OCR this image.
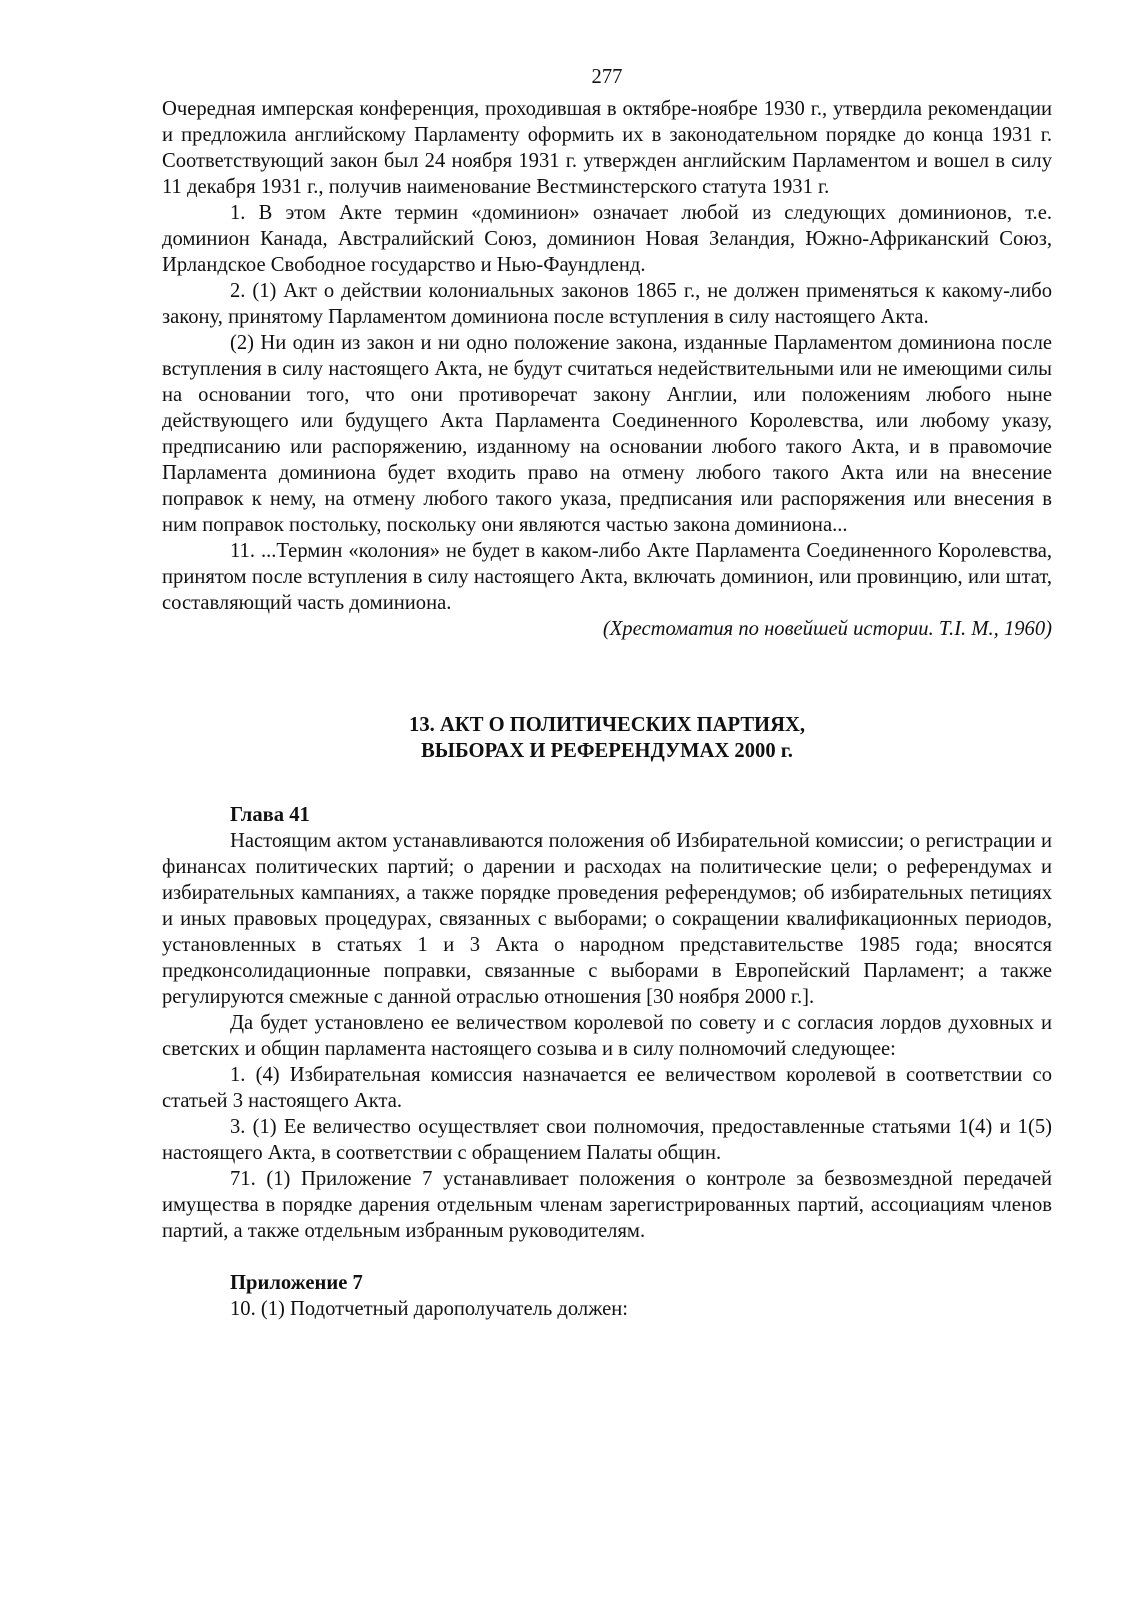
277

Очередная имперская конференция, проходившая в октябре-ноябре 1930 г., утвердила рекомендации и предложила английскому Парламенту оформить их в законодательном порядке до конца 1931 г. Соответствующий закон был 24 ноября 1931 г. утвержден английским Парламентом и вошел в силу 11 декабря 1931 г., получив наименование Вестминстерского статута 1931 г.

1. В этом Акте термин «доминион» означает любой из следующих доминионов, т.е. доминион Канада, Австралийский Союз, доминион Новая Зеландия, Южно-Африканский Союз, Ирландское Свободное государство и Нью-Фаундленд.

2. (1) Акт о действии колониальных законов 1865 г., не должен применяться к какому-либо закону, принятому Парламентом доминиона после вступления в силу настоящего Акта.

(2) Ни один из закон и ни одно положение закона, изданные Парламентом доминиона после вступления в силу настоящего Акта, не будут считаться недействительными или не имеющими силы на основании того, что они противоречат закону Англии, или положениям любого ныне действующего или будущего Акта Парламента Соединенного Королевства, или любому указу, предписанию или распоряжению, изданному на основании любого такого Акта, и в правомочие Парламента доминиона будет входить право на отмену любого такого Акта или на внесение поправок к нему, на отмену любого такого указа, предписания или распоряжения или внесения в ним поправок постольку, поскольку они являются частью закона доминиона...

11. ...Термин «колония» не будет в каком-либо Акте Парламента Соединенного Королевства, принятом после вступления в силу настоящего Акта, включать доминион, или провинцию, или штат, составляющий часть доминиона.

(Хрестоматия по новейшей истории. Т.I. М., 1960)

13. АКТ О ПОЛИТИЧЕСКИХ ПАРТИЯХ,
ВЫБОРАХ И РЕФЕРЕНДУМАХ 2000 г.
Глава 41

Настоящим актом устанавливаются положения об Избирательной комиссии; о регистрации и финансах политических партий; о дарении и расходах на политические цели; о референдумах и избирательных кампаниях, а также порядке проведения референдумов; об избирательных петициях и иных правовых процедурах, связанных с выборами; о сокращении квалификационных периодов, установленных в статьях 1 и 3 Акта о народном представительстве 1985 года; вносятся предконсолидационные поправки, связанные с выборами в Европейский Парламент; а также регулируются смежные с данной отраслью отношения [30 ноября 2000 г.].

Да будет установлено ее величеством королевой по совету и с согласия лордов духовных и светских и общин парламента настоящего созыва и в силу полномочий следующее:

1. (4) Избирательная комиссия назначается ее величеством королевой в соответствии со статьей 3 настоящего Акта.

3. (1) Ее величество осуществляет свои полномочия, предоставленные статьями 1(4) и 1(5) настоящего Акта, в соответствии с обращением Палаты общин.

71. (1) Приложение 7 устанавливает положения о контроле за безвозмездной передачей имущества в порядке дарения отдельным членам зарегистрированных партий, ассоциациям членов партий, а также отдельным избранным руководителям.

Приложение 7

10. (1) Подотчетный дарополучатель должен:
